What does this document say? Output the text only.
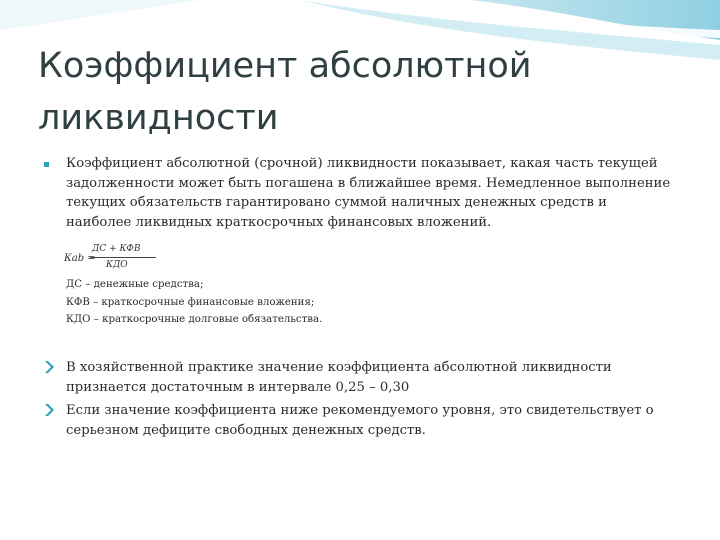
Коэффициент абсолютной ликвидности
Коэффициент абсолютной (срочной) ликвидности показывает, какая часть текущей задолженности может быть погашена в ближайшее время. Немедленное выполнение текущих обязательств гарантировано суммой наличных денежных средств и наиболее ликвидных краткосрочных финансовых вложений.
Кab =
ДС + КФВ
КДО
ДС – денежные средства;
КФВ – краткосрочные финансовые вложения;
КДО – краткосрочные долговые обязательства.
В хозяйственной практике значение коэффициента абсолютной ликвидности признается достаточным в интервале 0,25 – 0,30
Если значение коэффициента ниже рекомендуемого уровня, это свидетельствует о серьезном дефиците свободных денежных средств.
